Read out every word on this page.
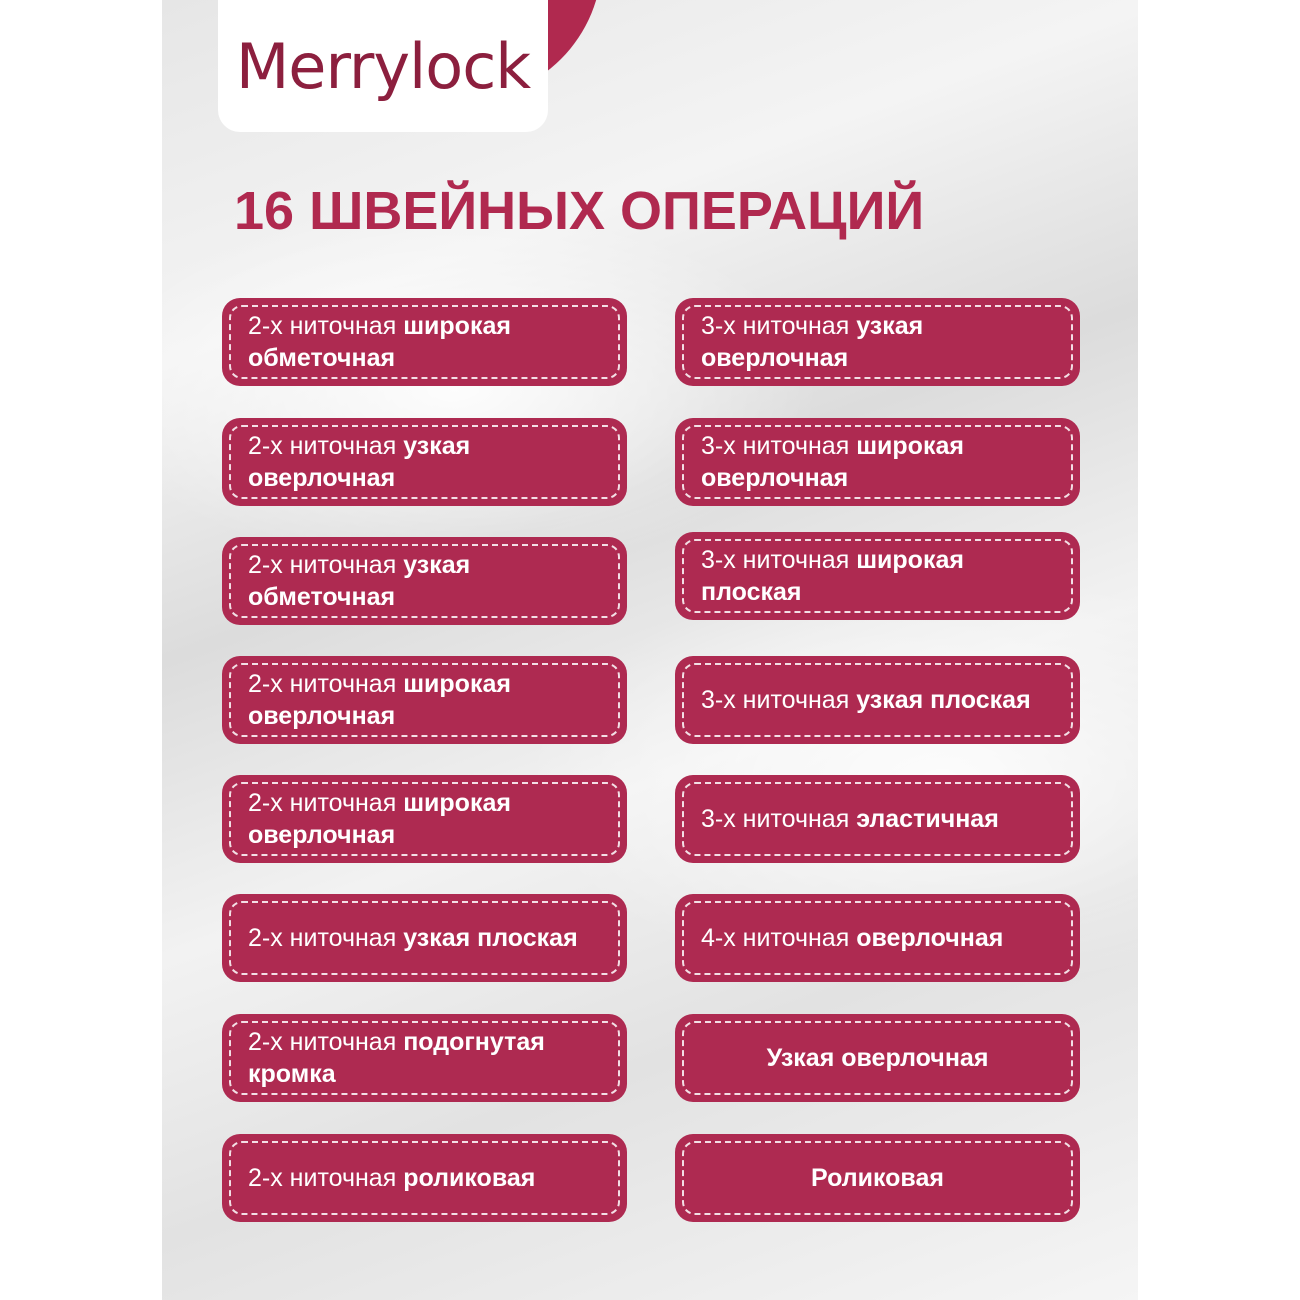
Merrylock
16 ШВЕЙНЫХ ОПЕРАЦИЙ
2-х ниточная широкая обметочная
2-х ниточная узкая оверлочная
2-х ниточная узкая обметочная
2-х ниточная широкая оверлочная
2-х ниточная широкая оверлочная
2-х ниточная узкая плоская
2-х ниточная подогнутая кромка
2-х ниточная роликовая
3-х ниточная узкая оверлочная
3-х ниточная широкая оверлочная
3-х ниточная широкая плоская
3-х ниточная узкая плоская
3-х ниточная эластичная
4-х ниточная оверлочная
Узкая оверлочная
Роликовая
